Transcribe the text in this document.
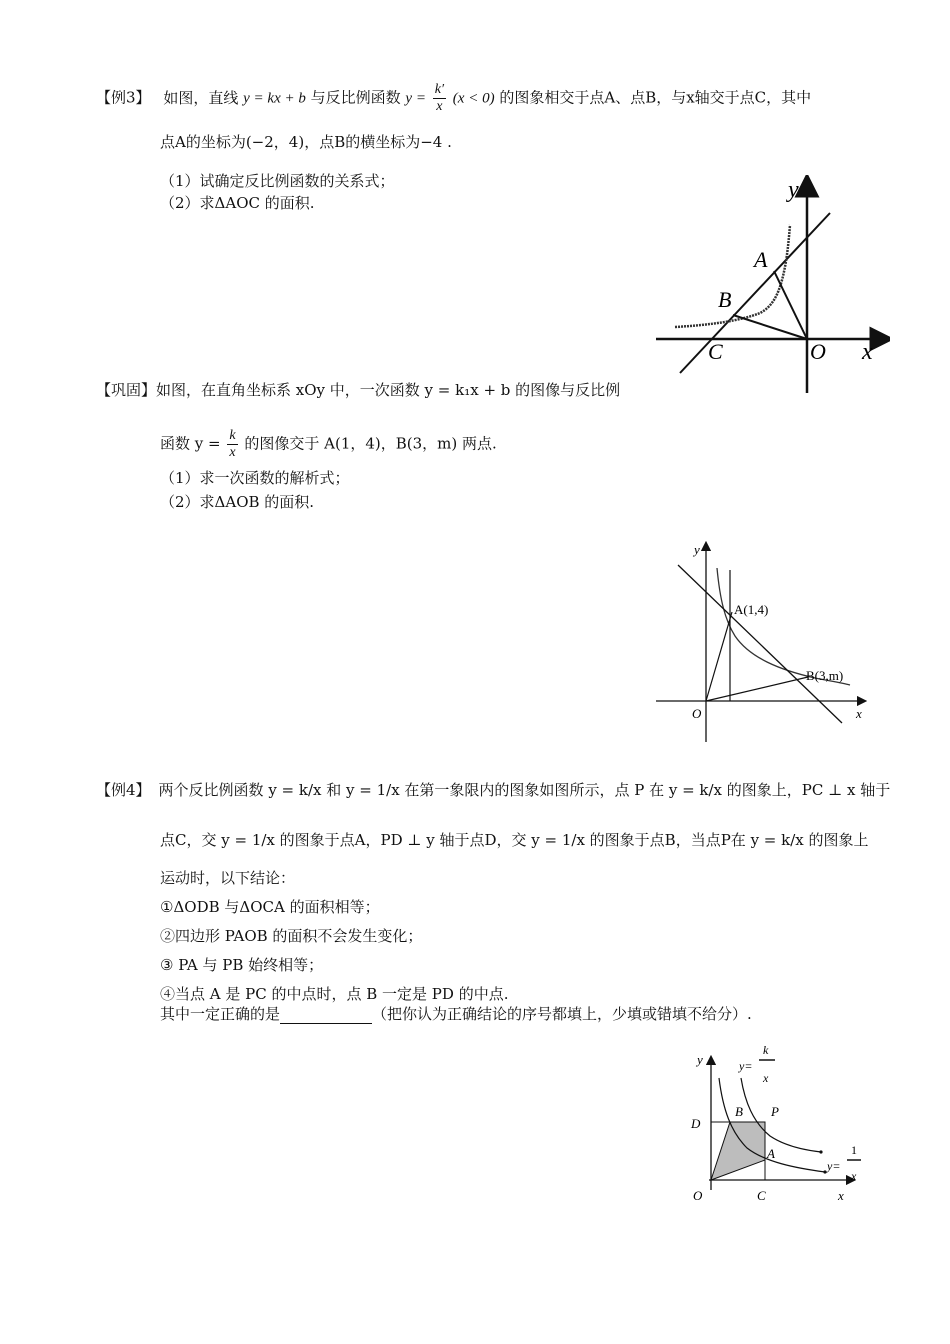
【例3】 如图，直线 y = kx + b 与反比例函数 $y = \frac{k'}{x} (x < 0)$ 的图象相交于点A、点B，与x轴交于点C，其中
点A的坐标为(−2，4)，点B的横坐标为−4 .
（1）试确定反比例函数的关系式；
（2）求ΔAOC 的面积.	y
x
A
B
C	O
【巩固】如图，在直角坐标系 xOy 中，一次函数 y = k₁x + b 的图像与反比例
函数 $y = \frac{k}{x}$ 的图像交于 A(1，4)，B(3，m) 两点.
（1）求一次函数的解析式；
（2）求ΔAOB 的面积.
y
x
O
A(1,4)
B(3,m)
【例4】 两个反比例函数 y = k/x 和 y = 1/x 在第一象限内的图象如图所示，点 P 在 y = k/x 的图象上，PC ⊥ x 轴于
点C，交 y = 1/x 的图象于点A，PD ⊥ y 轴于点D，交 y = 1/x 的图象于点B，当点P在 y = k/x 的图象上
运动时，以下结论：
①ΔODB 与ΔOCA 的面积相等；
②四边形 PAOB 的面积不会发生变化；
③ PA 与 PB 始终相等；
④当点 A 是 PC 的中点时，点 B 一定是 PD 的中点.
其中一定正确的是	（把你认为正确结论的序号都填上，少填或错填不给分）.
y
x
O	C
D
B P
A
y=
k
x
y=
1
x
